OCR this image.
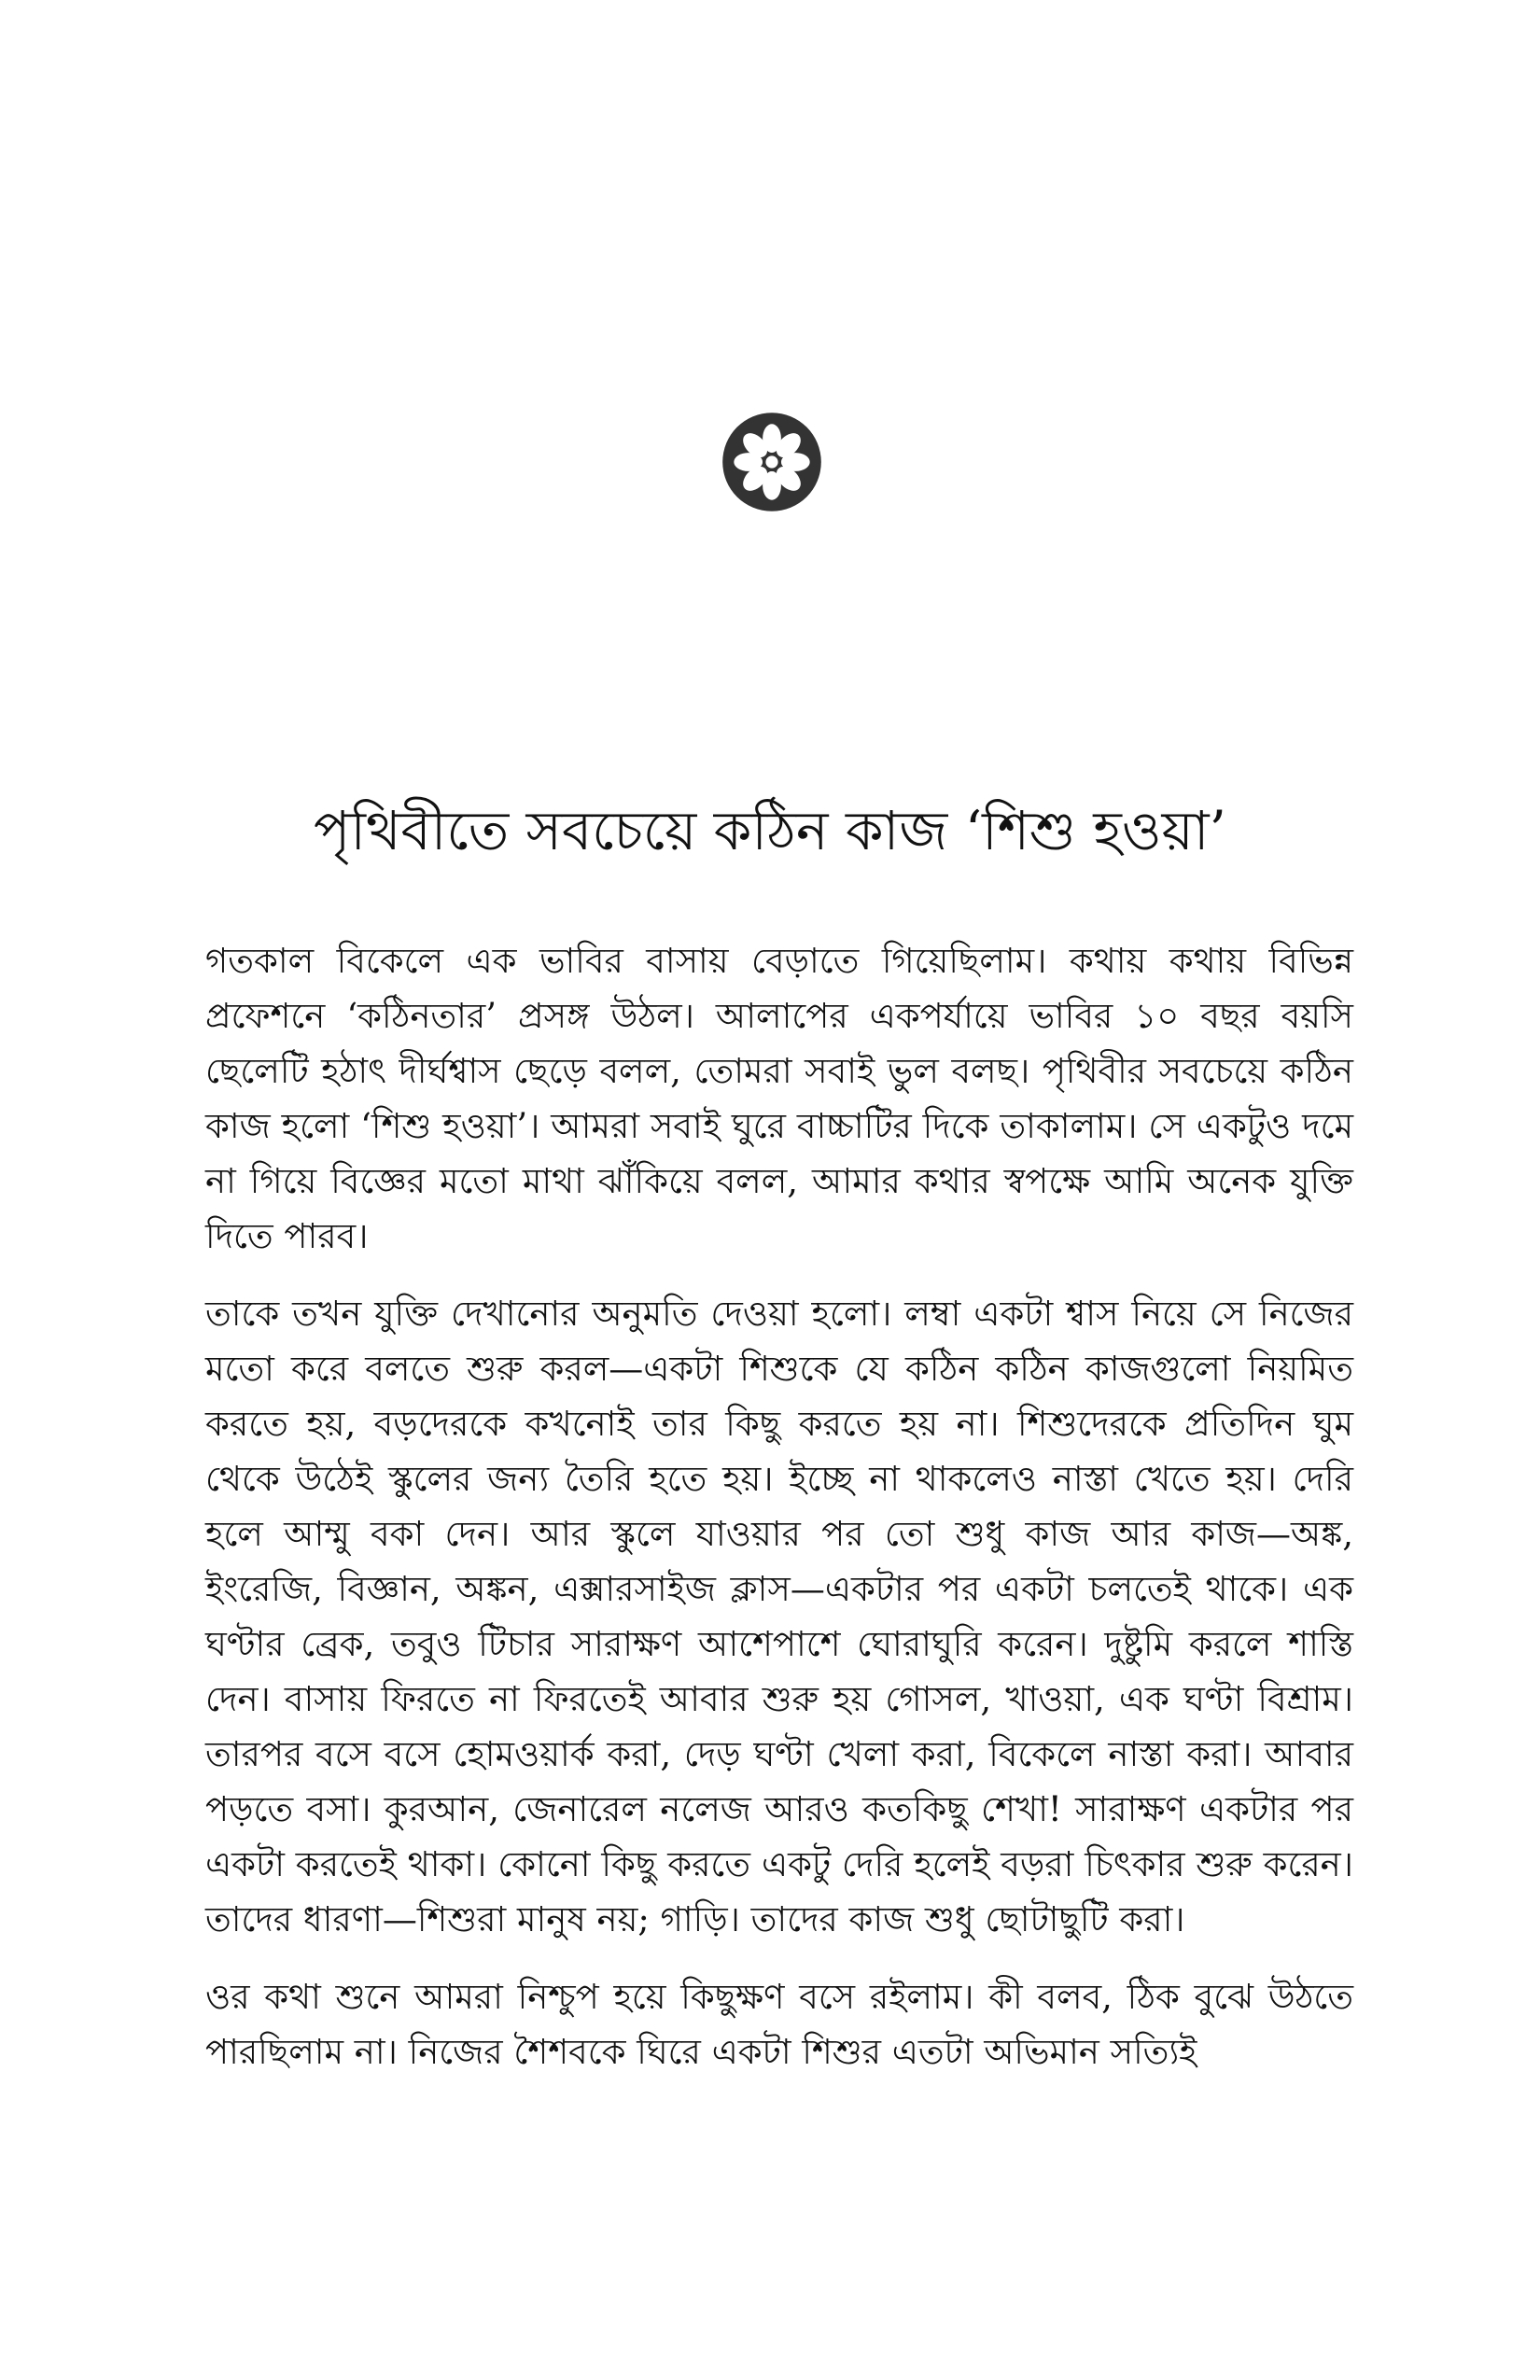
পৃথিবীতে সবচেয়ে কঠিন কাজ ‘শিশু হওয়া’

গতকাল বিকেলে এক ভাবির বাসায় বেড়াতে গিয়েছিলাম। কথায় কথায় বিভিন্ন প্রফেশনে ‘কঠিনতার’ প্রসঙ্গ উঠল। আলাপের একপর্যায়ে ভাবির ১০ বছর বয়সি ছেলেটি হঠাৎ দীর্ঘশ্বাস ছেড়ে বলল, তোমরা সবাই ভুল বলছ। পৃথিবীর সবচেয়ে কঠিন কাজ হলো ‘শিশু হওয়া’। আমরা সবাই ঘুরে বাচ্চাটির দিকে তাকালাম। সে একটুও দমে না গিয়ে বিজ্ঞের মতো মাথা ঝাঁকিয়ে বলল, আমার কথার স্বপক্ষে আমি অনেক যুক্তি দিতে পারব।

তাকে তখন যুক্তি দেখানোর অনুমতি দেওয়া হলো। লম্বা একটা শ্বাস নিয়ে সে নিজের মতো করে বলতে শুরু করল—একটা শিশুকে যে কঠিন কঠিন কাজগুলো নিয়মিত করতে হয়, বড়দেরকে কখনোই তার কিছু করতে হয় না। শিশুদেরকে প্রতিদিন ঘুম থেকে উঠেই স্কুলের জন্য তৈরি হতে হয়। ইচ্ছে না থাকলেও নাস্তা খেতে হয়। দেরি হলে আম্মু বকা দেন। আর স্কুলে যাওয়ার পর তো শুধু কাজ আর কাজ—অঙ্ক, ইংরেজি, বিজ্ঞান, অঙ্কন, এক্সারসাইজ ক্লাস—একটার পর একটা চলতেই থাকে। এক ঘণ্টার ব্রেক, তবুও টিচার সারাক্ষণ আশেপাশে ঘোরাঘুরি করেন। দুষ্টুমি করলে শাস্তি দেন। বাসায় ফিরতে না ফিরতেই আবার শুরু হয় গোসল, খাওয়া, এক ঘণ্টা বিশ্রাম। তারপর বসে বসে হোমওয়ার্ক করা, দেড় ঘণ্টা খেলা করা, বিকেলে নাস্তা করা। আবার পড়তে বসা। কুরআন, জেনারেল নলেজ আরও কতকিছু শেখা! সারাক্ষণ একটার পর একটা করতেই থাকা। কোনো কিছু করতে একটু দেরি হলেই বড়রা চিৎকার শুরু করেন। তাদের ধারণা—শিশুরা মানুষ নয়; গাড়ি। তাদের কাজ শুধু ছোটাছুটি করা।

ওর কথা শুনে আমরা নিশ্চুপ হয়ে কিছুক্ষণ বসে রইলাম। কী বলব, ঠিক বুঝে উঠতে পারছিলাম না। নিজের শৈশবকে ঘিরে একটা শিশুর এতটা অভিমান সত্যিই
